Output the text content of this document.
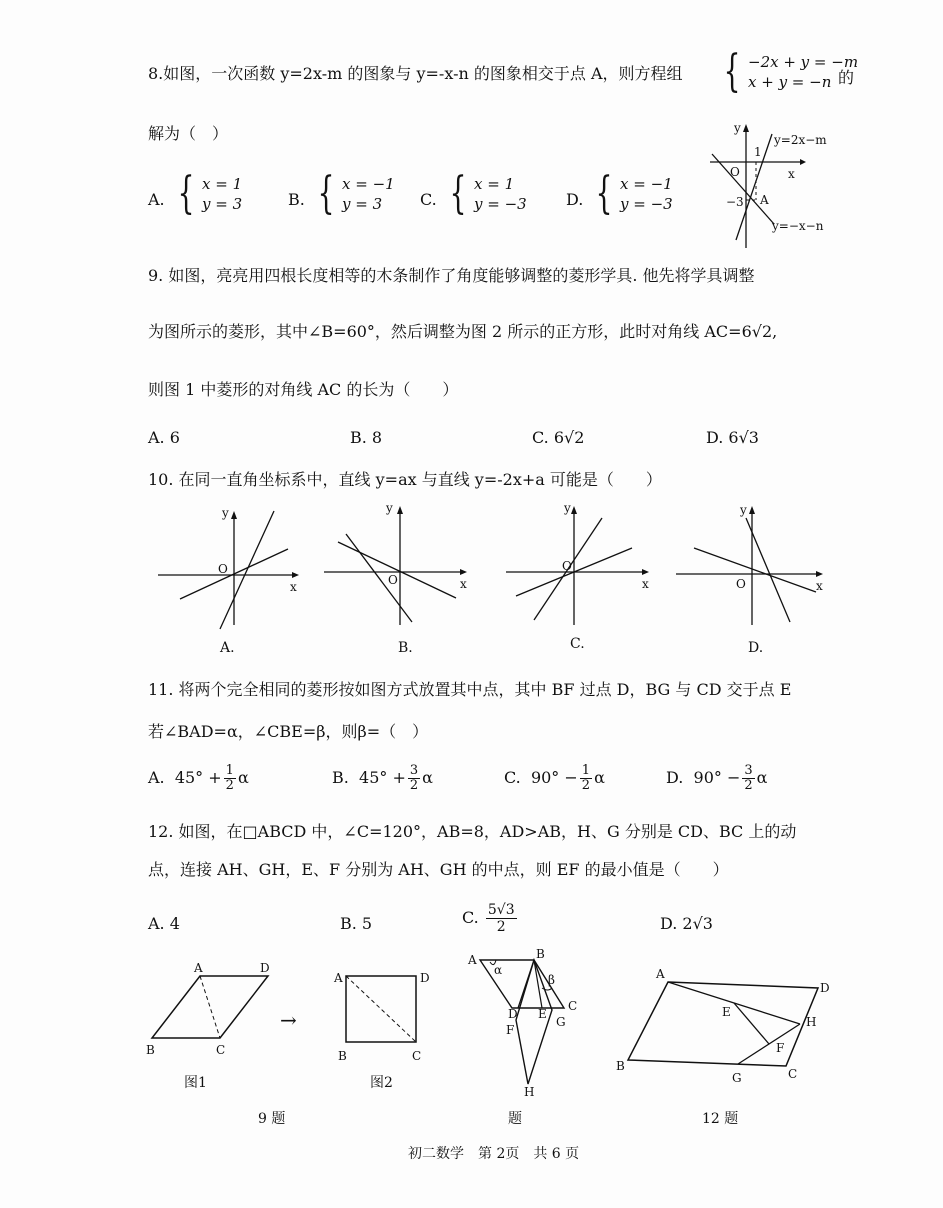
8.如图，一次函数 y=2x-m 的图象与 y=-x-n 的图象相交于点 A，则方程组 { −2x + y = −m
x + y = −n 的
解为（　）
A. { x = 1
y = 3	B. { x = −1
y = 3	C. { x = 1
y = −3 D. { x = −1
y = −3
y
x
O
1
−3 A
y=2x−m
y=−x−n
9. 如图，亮亮用四根长度相等的木条制作了角度能够调整的菱形学具. 他先将学具调整
为图所示的菱形，其中∠B=60°，然后调整为图 2 所示的正方形，此时对角线 AC=6√2,
则图 1 中菱形的对角线 AC 的长为（　　）
A. 6	B. 8	C. 6√2	D. 6√3
10. 在同一直角坐标系中，直线 y=ax 与直线 y=-2x+a 可能是（　　）
y
x
O
A.
y
x
O
B.
y
x
O
C.
y
x
O
D.
11. 将两个完全相同的菱形按如图方式放置其中点，其中 BF 过点 D，BG 与 CD 交于点 E
若∠BAD=α，∠CBE=β，则β=（　）
A. $45^\circ + \frac{1}{2}$ α	B. $45^\circ + \frac{3}{2}$ α	C. $90^\circ - \frac{1}{2}$ α	D. $90^\circ - \frac{3}{2}$ α
12. 如图，在□ABCD 中，∠C=120°，AB=8，AD>AB，H、G 分别是 CD、BC 上的动
点，连接 AH、GH，E、F 分别为 AH、GH 的中点，则 EF 的最小值是（　　）
A. 4	B. 5	C. $\frac{5√3}{2}$	D. 2√3
A	D
B	C
图1
→
A	D
B	C
图2
A	B
C
D E
F
G
H
α
β
题
A
D
B
C
E
F
H
G
9 题	12 题
初二数学　第 2页　共 6 页
